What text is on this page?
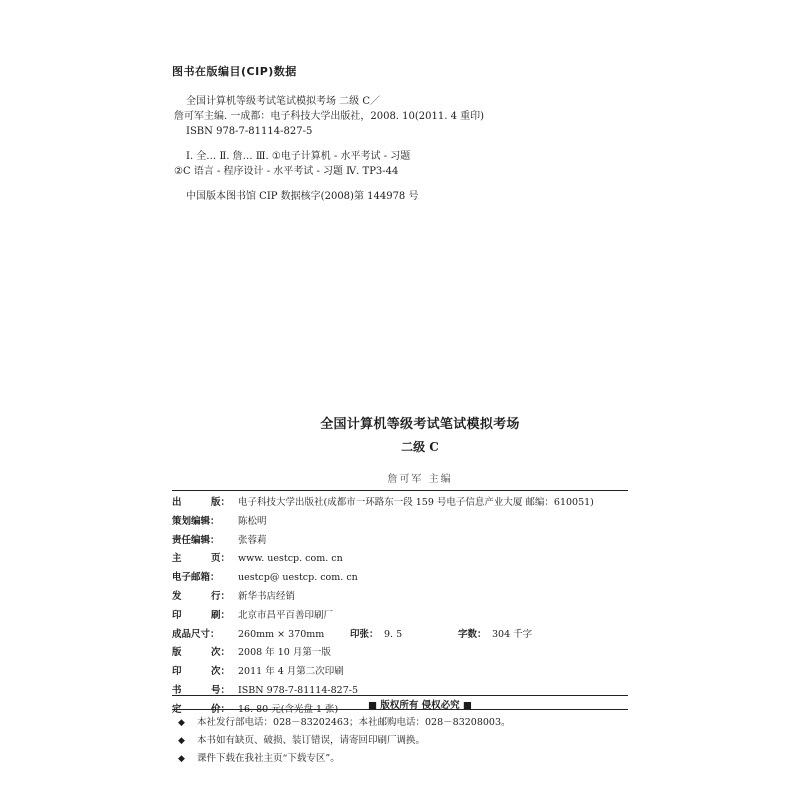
图书在版编目(CIP)数据
全国计算机等级考试笔试模拟考场 二级 C／
詹可军主编. 一成都：电子科技大学出版社，2008. 10(2011. 4 重印)
ISBN 978-7-81114-827-5
Ⅰ. 全… Ⅱ. 詹… Ⅲ. ①电子计算机 - 水平考试 - 习题
②C 语言 - 程序设计 - 水平考试 - 习题 Ⅳ. TP3-44
中国版本图书馆 CIP 数据核字(2008)第 144978 号
全国计算机等级考试笔试模拟考场
二级 C
詹可军 主编
出	版： 电子科技大学出版社(成都市一环路东一段 159 号电子信息产业大厦 邮编：610051)
策划编辑：	陈松明
责任编辑：	张蓉莉
主	页： www. uestcp. com. cn
电子邮箱：	uestcp@ uestcp. com. cn
发	行： 新华书店经销
印	刷： 北京市昌平百善印刷厂
成品尺寸：	260mm × 370mm	印张： 9. 5	字数： 304 千字
版	次： 2008 年 10 月第一版
印	次： 2011 年 4 月第二次印刷
书	号： ISBN 978-7-81114-827-5
定	价： 16. 80 元(含光盘 1 张)	■ 版权所有 侵权必究 ■
◆ 本社发行部电话：028－83202463；本社邮购电话：028－83208003。
◆ 本书如有缺页、破损、装订错误，请寄回印刷厂调换。
◆ 课件下载在我社主页“下载专区”。
